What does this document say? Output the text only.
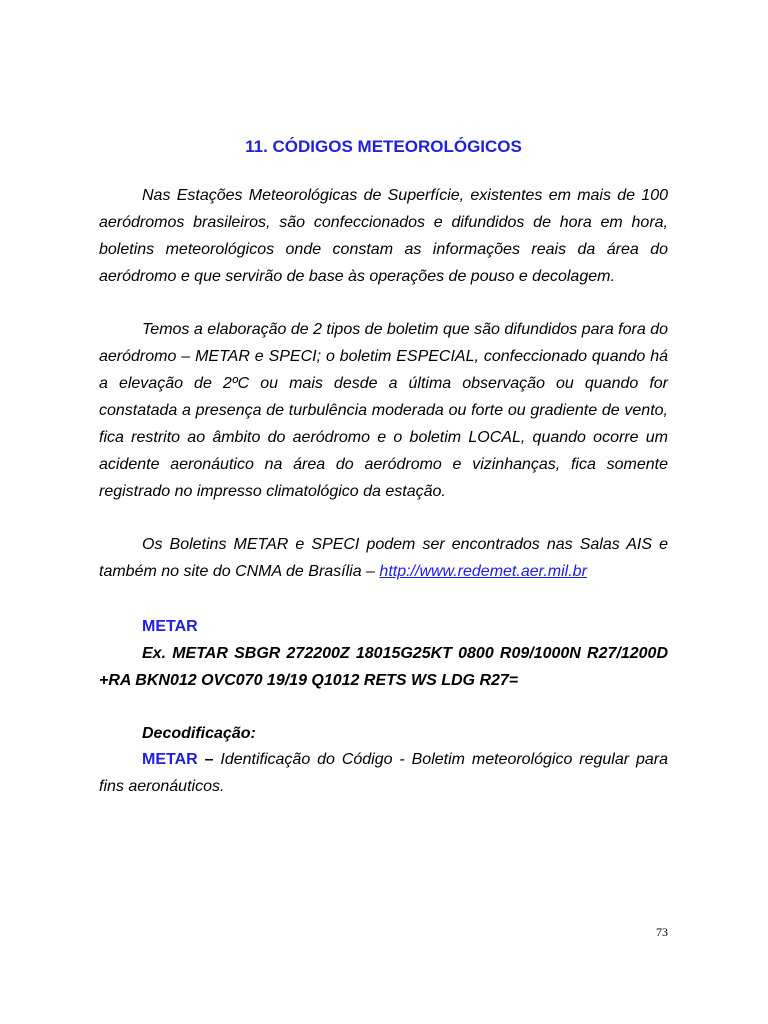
11. CÓDIGOS METEOROLÓGICOS

Nas Estações Meteorológicas de Superfície, existentes em mais de 100 aeródromos brasileiros, são confeccionados e difundidos de hora em hora, boletins meteorológicos onde constam as informações reais da área do aeródromo e que servirão de base às operações de pouso e decolagem.

Temos a elaboração de 2 tipos de boletim que são difundidos para fora do aeródromo – METAR e SPECI; o boletim ESPECIAL, confeccionado quando há a elevação de 2ºC ou mais desde a última observação ou quando for constatada a presença de turbulência moderada ou forte ou gradiente de vento, fica restrito ao âmbito do aeródromo e o boletim LOCAL, quando ocorre um acidente aeronáutico na área do aeródromo e vizinhanças, fica somente registrado no impresso climatológico da estação.

Os Boletins METAR e SPECI podem ser encontrados nas Salas AIS e também no site do CNMA de Brasília – http://www.redemet.aer.mil.br

METAR

Ex. METAR SBGR 272200Z 18015G25KT 0800 R09/1000N R27/1200D +RA BKN012 OVC070 19/19 Q1012 RETS WS LDG R27=

Decodificação:

METAR – Identificação do Código - Boletim meteorológico regular para fins aeronáuticos.

73
